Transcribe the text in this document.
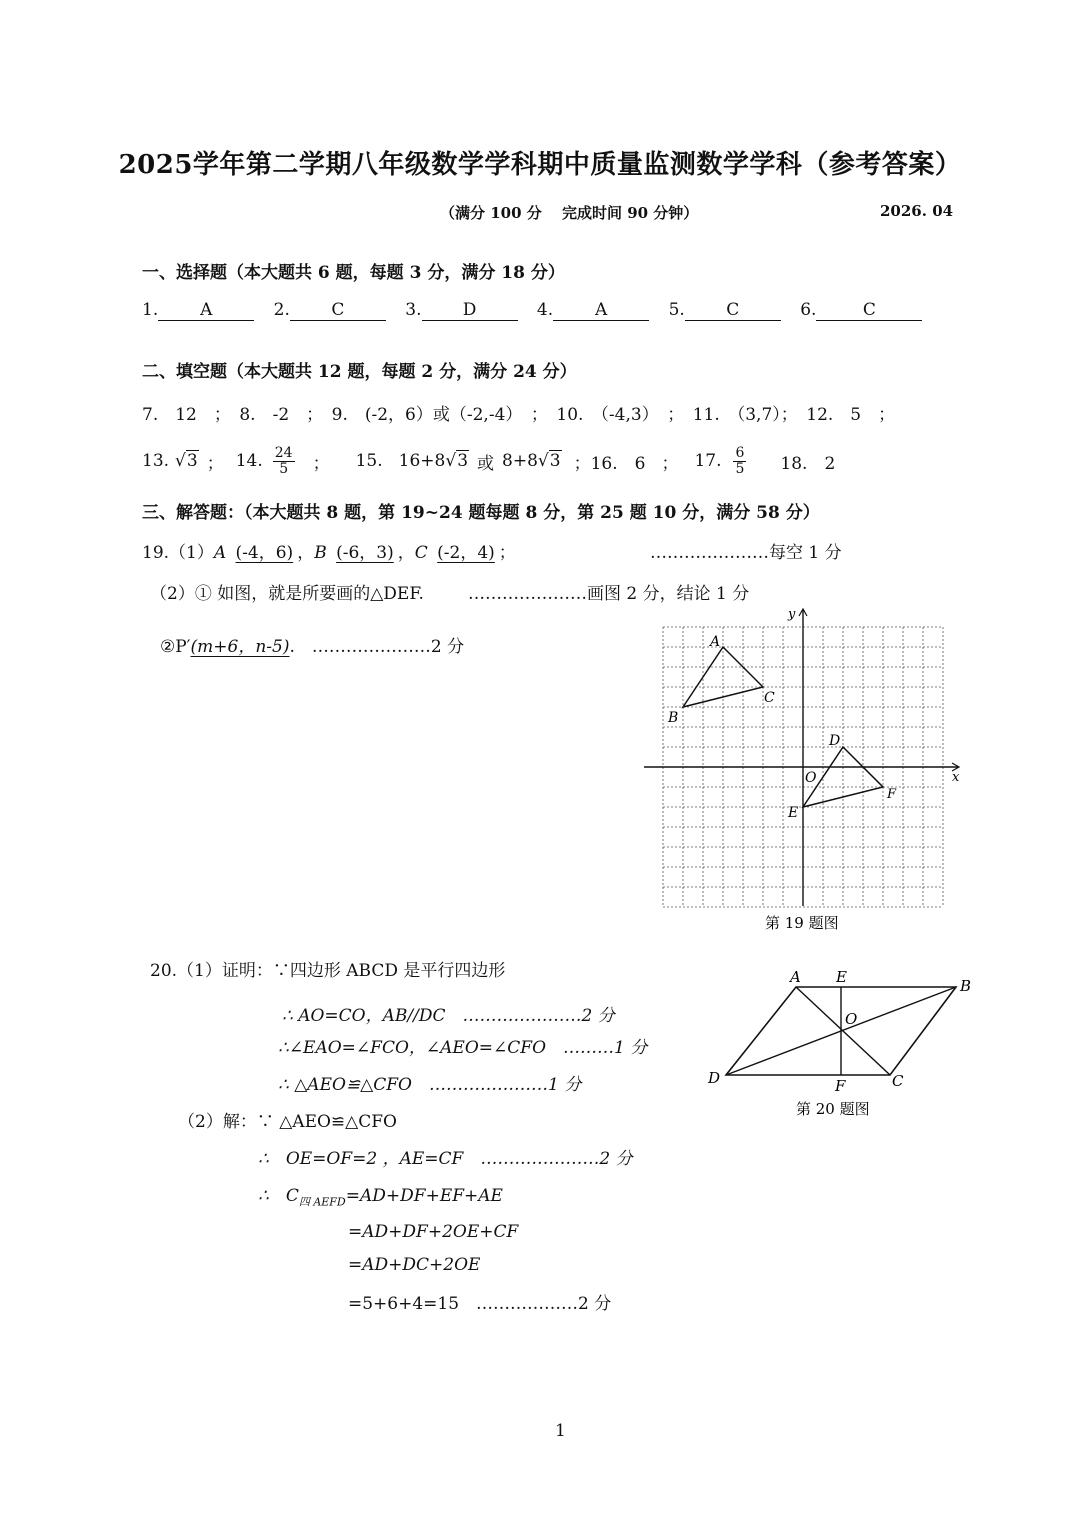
2025学年第二学期八年级数学学科期中质量监测数学学科（参考答案）
（满分 100 分　 完成时间 90 分钟）	2026. 04
一、选择题（本大题共 6 题，每题 3 分，满分 18 分）
1. A	2. C	3. D	4. A	5. C	6.	C
二、填空题（本大题共 12 题，每题 2 分，满分 24 分）
7.　12　；　8.　-2　；　9.　(-2，6）或（-2,-4）　；　10.　（-4,3）　；　11.　（3,7）；　12.　5　；
13. √3 ； 14. $\frac{24}{5}$ ； 15. 16+8 √3 或 8+8 √3 ； 16.　6 ； 17. $\frac{6}{5} 18$.　2
三、解答题：（本大题共 8 题，第 19~24 题每题 8 分，第 25 题 10 分，满分 58 分）
19.（1）A (-4，6) ，B (-6，3) ，C (-2，4) ；	…………………每空 1 分
（2）① 如图，就是所要画的△DEF.	…………………画图 2 分，结论 1 分
②P′(m+6，n-5).　…………………2 分	A
B
C
D
E
F
O	x
y
第 19 题图
20.（1）证明：∵四边形 ABCD 是平行四边形
∴ AO=CO，AB//DC　…………………2 分
∴∠EAO=∠FCO，∠AEO=∠CFO　………1 分
∴ △AEO≌△CFO　…………………1 分
（2）解：∵ △AEO≌△CFO
∴　OE=OF=2 ，AE=CF　…………………2 分
∴　$C_{四 AEFD}=AD+DF+EF+AE$
=AD+DF+2OE+CF
=AD+DC+2OE
=5+6+4=15　………………2 分
A E	B
O
D	F	C
第 20 题图
1
